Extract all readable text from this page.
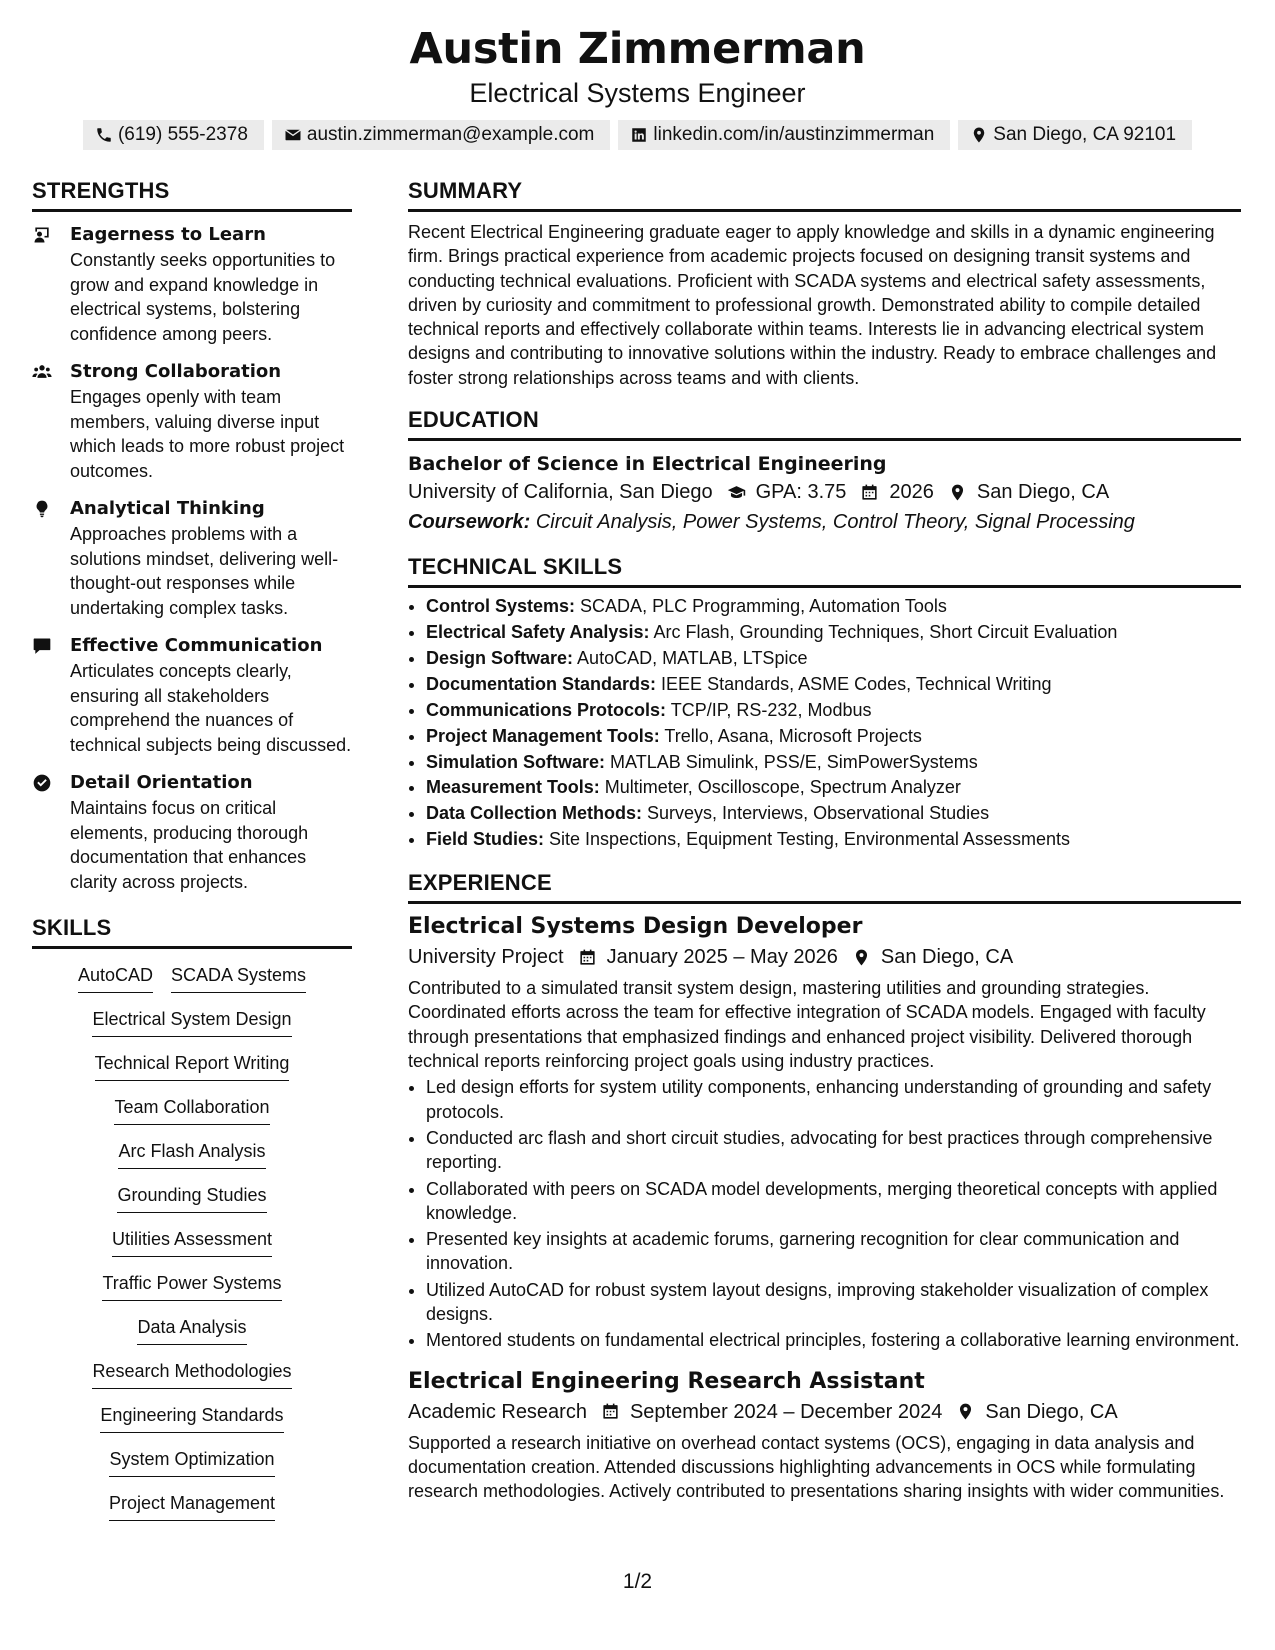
Austin Zimmerman
Electrical Systems Engineer
(619) 555-2378	austin.zimmerman@example.com	linkedin.com/in/austinzimmerman	San Diego, CA 92101
STRENGTHS
Eagerness to Learn
Constantly seeks opportunities to grow and expand knowledge in electrical systems, bolstering confidence among peers.
Strong Collaboration
Engages openly with team members, valuing diverse input which leads to more robust project outcomes.
Analytical Thinking
Approaches problems with a solutions mindset, delivering well-thought-out responses while undertaking complex tasks.
Effective Communication
Articulates concepts clearly, ensuring all stakeholders comprehend the nuances of technical subjects being discussed.
Detail Orientation
Maintains focus on critical elements, producing thorough documentation that enhances clarity across projects.
SKILLS
AutoCAD SCADA Systems
Electrical System Design
Technical Report Writing
Team Collaboration
Arc Flash Analysis
Grounding Studies
Utilities Assessment
Traffic Power Systems
Data Analysis
Research Methodologies
Engineering Standards
System Optimization
Project Management
SUMMARY

Recent Electrical Engineering graduate eager to apply knowledge and skills in a dynamic engineering firm. Brings practical experience from academic projects focused on designing transit systems and conducting technical evaluations. Proficient with SCADA systems and electrical safety assessments, driven by curiosity and commitment to professional growth. Demonstrated ability to compile detailed technical reports and effectively collaborate within teams. Interests lie in advancing electrical system designs and contributing to innovative solutions within the industry. Ready to embrace challenges and foster strong relationships across teams and with clients.

EDUCATION
Bachelor of Science in Electrical Engineering
University of California, San Diego GPA: 3.75 2026 San Diego, CA
Coursework: Circuit Analysis, Power Systems, Control Theory, Signal Processing
TECHNICAL SKILLS
• Control Systems: SCADA, PLC Programming, Automation Tools
• Electrical Safety Analysis: Arc Flash, Grounding Techniques, Short Circuit Evaluation
• Design Software: AutoCAD, MATLAB, LTSpice
• Documentation Standards: IEEE Standards, ASME Codes, Technical Writing
• Communications Protocols: TCP/IP, RS-232, Modbus
• Project Management Tools: Trello, Asana, Microsoft Projects
• Simulation Software: MATLAB Simulink, PSS/E, SimPowerSystems
• Measurement Tools: Multimeter, Oscilloscope, Spectrum Analyzer
• Data Collection Methods: Surveys, Interviews, Observational Studies
• Field Studies: Site Inspections, Equipment Testing, Environmental Assessments
EXPERIENCE
Electrical Systems Design Developer
University Project January 2025 – May 2026 San Diego, CA

Contributed to a simulated transit system design, mastering utilities and grounding strategies. Coordinated efforts across the team for effective integration of SCADA models. Engaged with faculty through presentations that emphasized findings and enhanced project visibility. Delivered thorough technical reports reinforcing project goals using industry practices.

• Led design efforts for system utility components, enhancing understanding of grounding and safety protocols.
• Conducted arc flash and short circuit studies, advocating for best practices through comprehensive reporting.
• Collaborated with peers on SCADA model developments, merging theoretical concepts with applied knowledge.
• Presented key insights at academic forums, garnering recognition for clear communication and innovation.
• Utilized AutoCAD for robust system layout designs, improving stakeholder visualization of complex designs.
• Mentored students on fundamental electrical principles, fostering a collaborative learning environment.
Electrical Engineering Research Assistant
Academic Research September 2024 – December 2024 San Diego, CA

Supported a research initiative on overhead contact systems (OCS), engaging in data analysis and documentation creation. Attended discussions highlighting advancements in OCS while formulating research methodologies. Actively contributed to presentations sharing insights with wider communities.

1/2
